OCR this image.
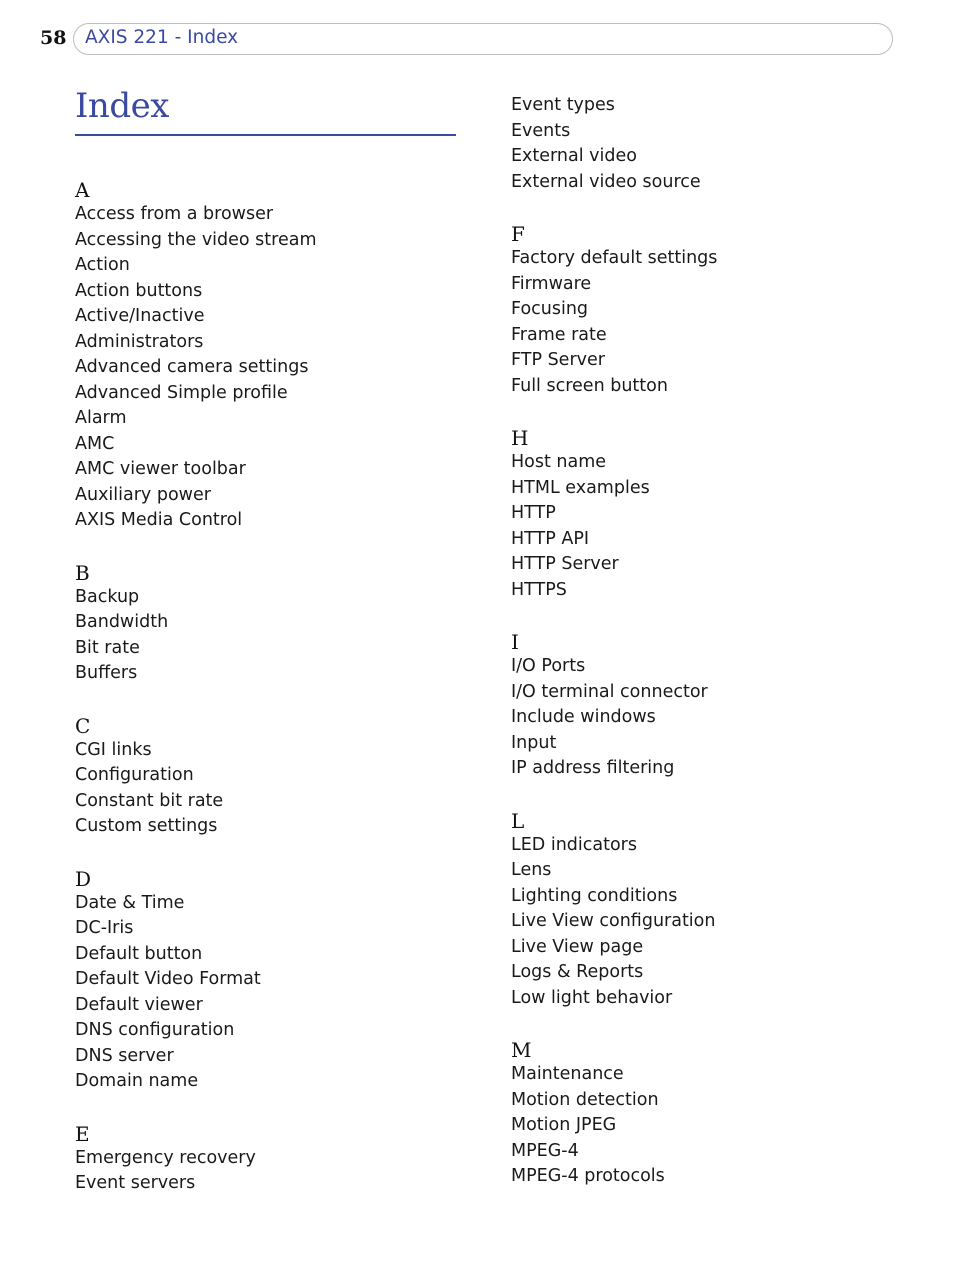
58 AXIS 221 - Index
Index
A
Access from a browser
Accessing the video stream
Action
Action buttons
Active/Inactive
Administrators
Advanced camera settings
Advanced Simple profile
Alarm
AMC
AMC viewer toolbar
Auxiliary power
AXIS Media Control
B
Backup
Bandwidth
Bit rate
Buffers
C
CGI links
Configuration
Constant bit rate
Custom settings
D
Date & Time
DC-Iris
Default button
Default Video Format
Default viewer
DNS configuration
DNS server
Domain name
E
Emergency recovery
Event servers
Event types
Events
External video
External video source
F
Factory default settings
Firmware
Focusing
Frame rate
FTP Server
Full screen button
H
Host name
HTML examples
HTTP
HTTP API
HTTP Server
HTTPS
I
I/O Ports
I/O terminal connector
Include windows
Input
IP address filtering
L
LED indicators
Lens
Lighting conditions
Live View configuration
Live View page
Logs & Reports
Low light behavior
M
Maintenance
Motion detection
Motion JPEG
MPEG-4
MPEG-4 protocols
